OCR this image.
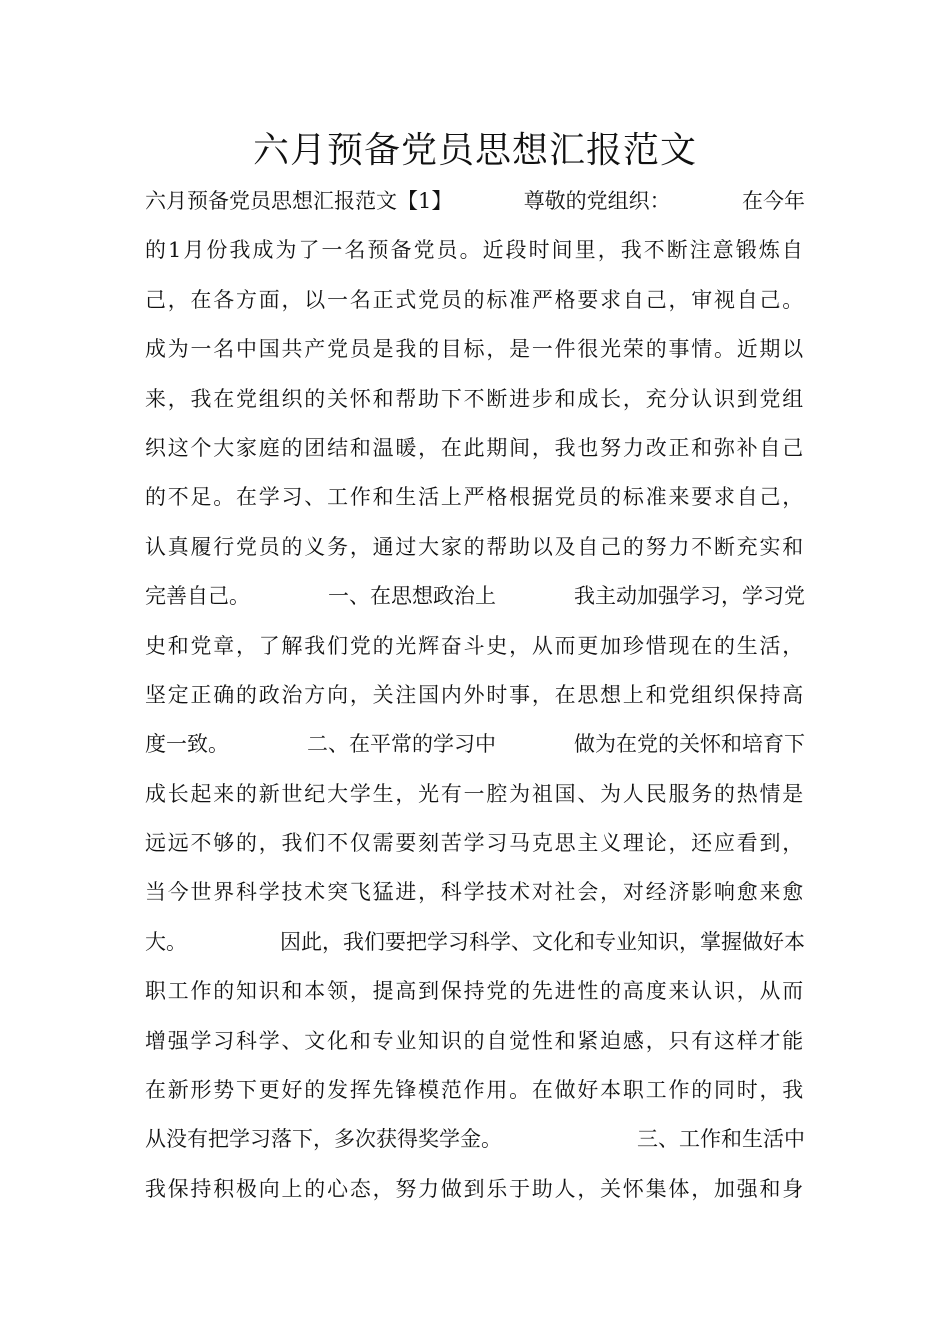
六月预备党员思想汇报范文
六月预备党员思想汇报范文【1】	尊敬的党组织：	在今年
的1月份我成为了一名预备党员。近段时间里，我不断注意锻炼自
己，在各方面，以一名正式党员的标准严格要求自己，审视自己。
成为一名中国共产党员是我的目标，是一件很光荣的事情。近期以
来，我在党组织的关怀和帮助下不断进步和成长，充分认识到党组
织这个大家庭的团结和温暖，在此期间，我也努力改正和弥补自己
的不足。在学习、工作和生活上严格根据党员的标准来要求自己，
认真履行党员的义务，通过大家的帮助以及自己的努力不断充实和
完善自己。	一、在思想政治上	我主动加强学习，学习党
史和党章，了解我们党的光辉奋斗史，从而更加珍惜现在的生活，
坚定正确的政治方向，关注国内外时事，在思想上和党组织保持高
度一致。	二、在平常的学习中	做为在党的关怀和培育下
成长起来的新世纪大学生，光有一腔为祖国、为人民服务的热情是
远远不够的，我们不仅需要刻苦学习马克思主义理论，还应看到，
当今世界科学技术突飞猛进，科学技术对社会，对经济影响愈来愈
大。	因此，我们要把学习科学、文化和专业知识，掌握做好本
职工作的知识和本领，提高到保持党的先进性的高度来认识，从而
增强学习科学、文化和专业知识的自觉性和紧迫感，只有这样才能
在新形势下更好的发挥先锋模范作用。在做好本职工作的同时，我
从没有把学习落下，多次获得奖学金。	三、工作和生活中
我保持积极向上的心态，努力做到乐于助人，关怀集体，加强和身
